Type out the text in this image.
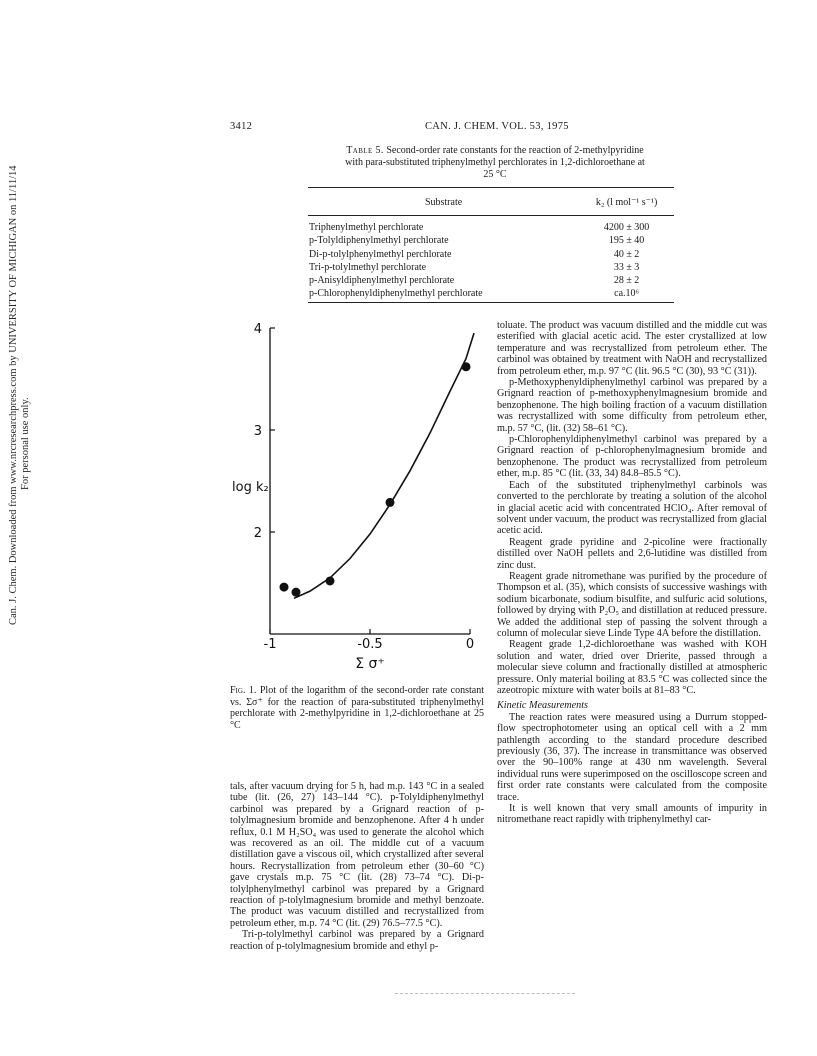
3412	CAN. J. CHEM. VOL. 53, 1975
Can. J. Chem. Downloaded from www.nrcresearchpress.com by UNIVERSITY OF MICHIGAN on 11/11/14 For personal use only.
Table 5. Second-order rate constants for the reaction of 2-methylpyridine with para-substituted triphenylmethyl perchlorates in 1,2-dichloroethane at 25 °C
Substrate	k₂ (l mol⁻¹ s⁻¹)
Triphenylmethyl perchlorate	4200 ± 300
p-Tolyldiphenylmethyl perchlorate	195 ± 40
Di-p-tolylphenylmethyl perchlorate	40 ± 2
Tri-p-tolylmethyl perchlorate	33 ± 3
p-Anisyldiphenylmethyl perchlorate	28 ± 2
p-Chlorophenyldiphenylmethyl perchlorate	ca.10⁶
2
3
4
-1	-0.5	0
log k₂
Σ σ⁺
Fig. 1. Plot of the logarithm of the second-order rate constant vs. Σσ⁺ for the reaction of para-substituted triphenylmethyl perchlorate with 2-methylpyridine in 1,2-dichloroethane at 25 °C

tals, after vacuum drying for 5 h, had m.p. 143 °C in a sealed tube (lit. (26, 27) 143–144 °C). p-Tolyldiphenylmethyl carbinol was prepared by a Grignard reaction of p-tolylmagnesium bromide and benzophenone. After 4 h under reflux, 0.1 M H₂SO₄ was used to generate the alcohol which was recovered as an oil. The middle cut of a vacuum distillation gave a viscous oil, which crystallized after several hours. Recrystallization from petroleum ether (30–60 °C) gave crystals m.p. 75 °C (lit. (28) 73–74 °C). Di-p-tolylphenylmethyl carbinol was prepared by a Grignard reaction of p-tolylmagnesium bromide and methyl benzoate. The product was vacuum distilled and recrystallized from petroleum ether, m.p. 74 °C (lit. (29) 76.5–77.5 °C).

Tri-p-tolylmethyl carbinol was prepared by a Grignard reaction of p-tolylmagnesium bromide and ethyl p-

toluate. The product was vacuum distilled and the middle cut was esterified with glacial acetic acid. The ester crystallized at low temperature and was recrystallized from petroleum ether. The carbinol was obtained by treatment with NaOH and recrystallized from petroleum ether, m.p. 97 °C (lit. 96.5 °C (30), 93 °C (31)).

p-Methoxyphenyldiphenylmethyl carbinol was prepared by a Grignard reaction of p-methoxyphenylmagnesium bromide and benzophenone. The high boiling fraction of a vacuum distillation was recrystallized with some difficulty from petroleum ether, m.p. 57 °C, (lit. (32) 58–61 °C).

p-Chlorophenyldiphenylmethyl carbinol was prepared by a Grignard reaction of p-chlorophenylmagnesium bromide and benzophenone. The product was recrystallized from petroleum ether, m.p. 85 °C (lit. (33, 34) 84.8–85.5 °C).

Each of the substituted triphenylmethyl carbinols was converted to the perchlorate by treating a solution of the alcohol in glacial acetic acid with concentrated HClO₄. After removal of solvent under vacuum, the product was recrystallized from glacial acetic acid.

Reagent grade pyridine and 2-picoline were fractionally distilled over NaOH pellets and 2,6-lutidine was distilled from zinc dust.

Reagent grade nitromethane was purified by the procedure of Thompson et al. (35), which consists of successive washings with sodium bicarbonate, sodium bisulfite, and sulfuric acid solutions, followed by drying with P₂O₅ and distillation at reduced pressure. We added the additional step of passing the solvent through a column of molecular sieve Linde Type 4A before the distillation.

Reagent grade 1,2-dichloroethane was washed with KOH solution and water, dried over Drierite, passed through a molecular sieve column and fractionally distilled at atmospheric pressure. Only material boiling at 83.5 °C was collected since the azeotropic mixture with water boils at 81–83 °C.

Kinetic Measurements

The reaction rates were measured using a Durrum stopped-flow spectrophotometer using an optical cell with a 2 mm pathlength according to the standard procedure described previously (36, 37). The increase in transmittance was observed over the 90–100% range at 430 nm wavelength. Several individual runs were superimposed on the oscilloscope screen and first order rate constants were calculated from the composite trace.

It is well known that very small amounts of impurity in nitromethane react rapidly with triphenylmethyl car-
